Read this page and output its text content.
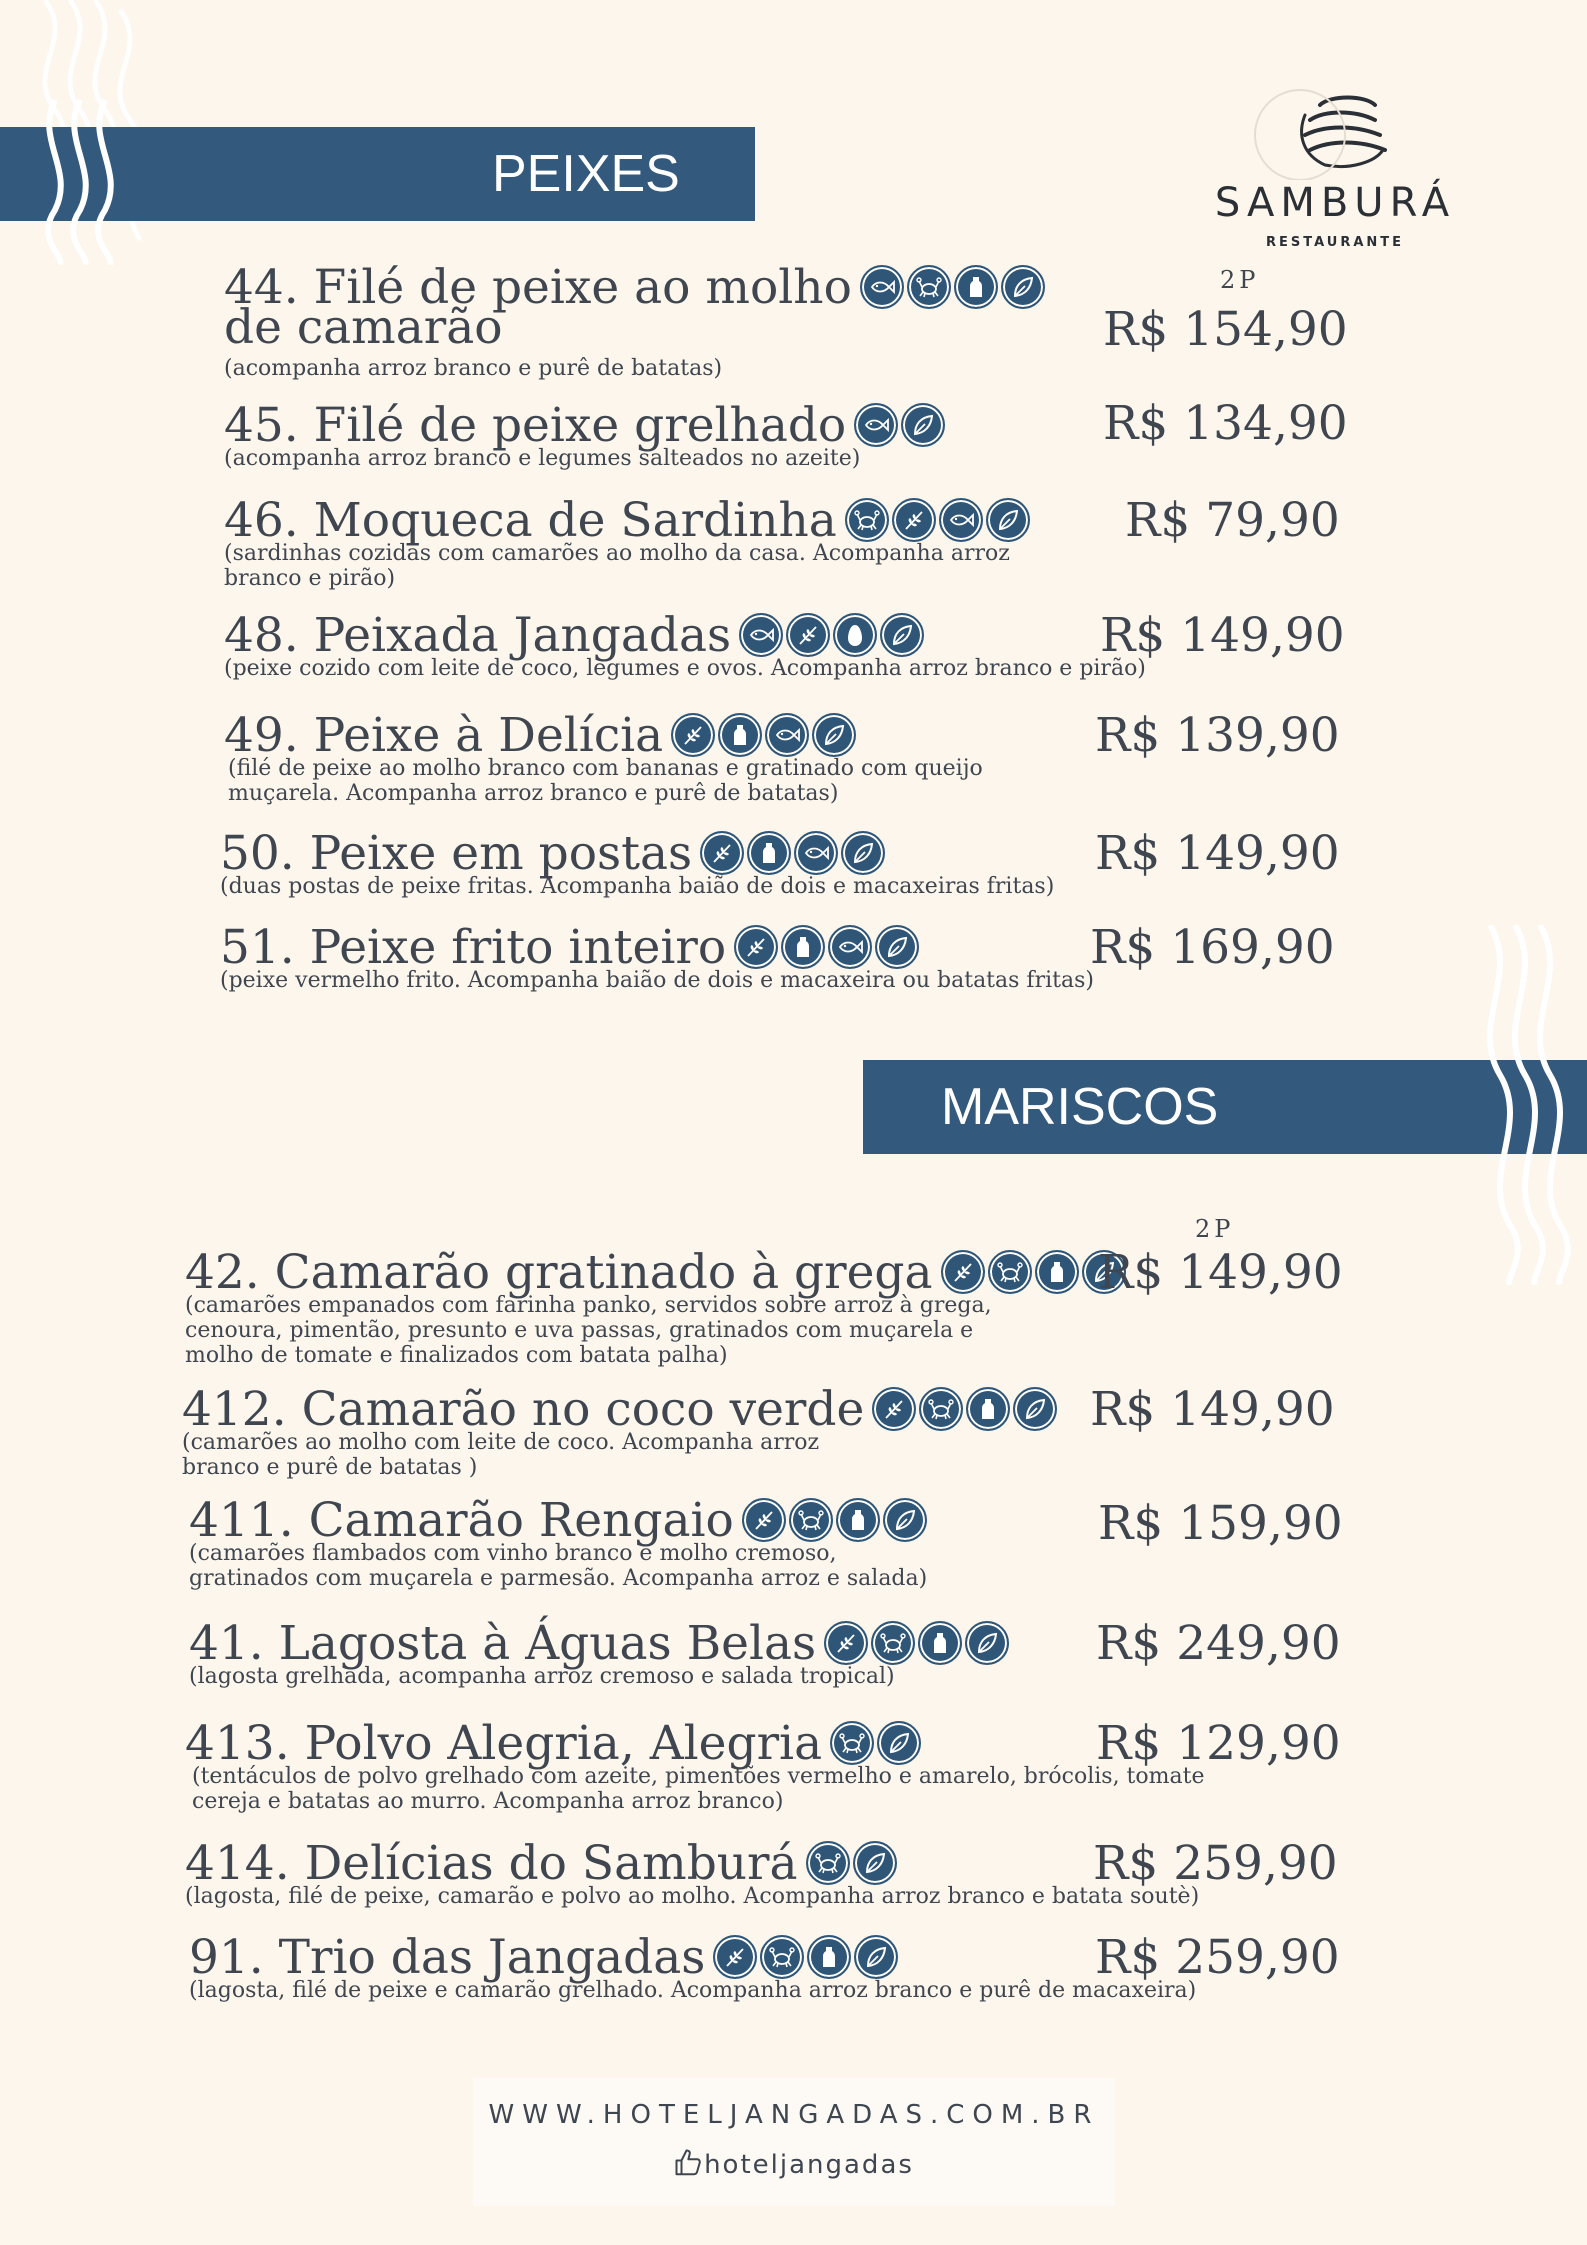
PEIXES	SAMBURÁ
RESTAURANTE
2P
44. Filé de peixe ao molho
de camarão	R$ 154,90
(acompanha arroz branco e purê de batatas)
45. Filé de peixe grelhado	R$ 134,90
(acompanha arroz branco e legumes salteados no azeite)
46. Moqueca de Sardinha	R$ 79,90
(sardinhas cozidas com camarões ao molho da casa. Acompanha arroz
branco e pirão)
48. Peixada Jangadas	R$ 149,90
(peixe cozido com leite de coco, legumes e ovos. Acompanha arroz branco e pirão)
49. Peixe à Delícia	R$ 139,90
(filé de peixe ao molho branco com bananas e gratinado com queijo
muçarela. Acompanha arroz branco e purê de batatas)
50. Peixe em postas	R$ 149,90
(duas postas de peixe fritas. Acompanha baião de dois e macaxeiras fritas)
51. Peixe frito inteiro	R$ 169,90
(peixe vermelho frito. Acompanha baião de dois e macaxeira ou batatas fritas)
MARISCOS
2P
42. Camarão gratinado à grega	R$ 149,90
(camarões empanados com farinha panko, servidos sobre arroz à grega,
cenoura, pimentão, presunto e uva passas, gratinados com muçarela e
molho de tomate e finalizados com batata palha)
412. Camarão no coco verde	R$ 149,90
(camarões ao molho com leite de coco. Acompanha arroz
branco e purê de batatas )
411. Camarão Rengaio	R$ 159,90
(camarões flambados com vinho branco e molho cremoso,
gratinados com muçarela e parmesão. Acompanha arroz e salada)
41. Lagosta à Águas Belas	R$ 249,90
(lagosta grelhada, acompanha arroz cremoso e salada tropical)
413. Polvo Alegria, Alegria	R$ 129,90
(tentáculos de polvo grelhado com azeite, pimentões vermelho e amarelo, brócolis, tomate
cereja e batatas ao murro. Acompanha arroz branco)
414. Delícias do Samburá	R$ 259,90
(lagosta, filé de peixe, camarão e polvo ao molho. Acompanha arroz branco e batata soutè)
91. Trio das Jangadas	R$ 259,90
(lagosta, filé de peixe e camarão grelhado. Acompanha arroz branco e purê de macaxeira)
WWW.HOTELJANGADAS.COM.BR
hoteljangadas
